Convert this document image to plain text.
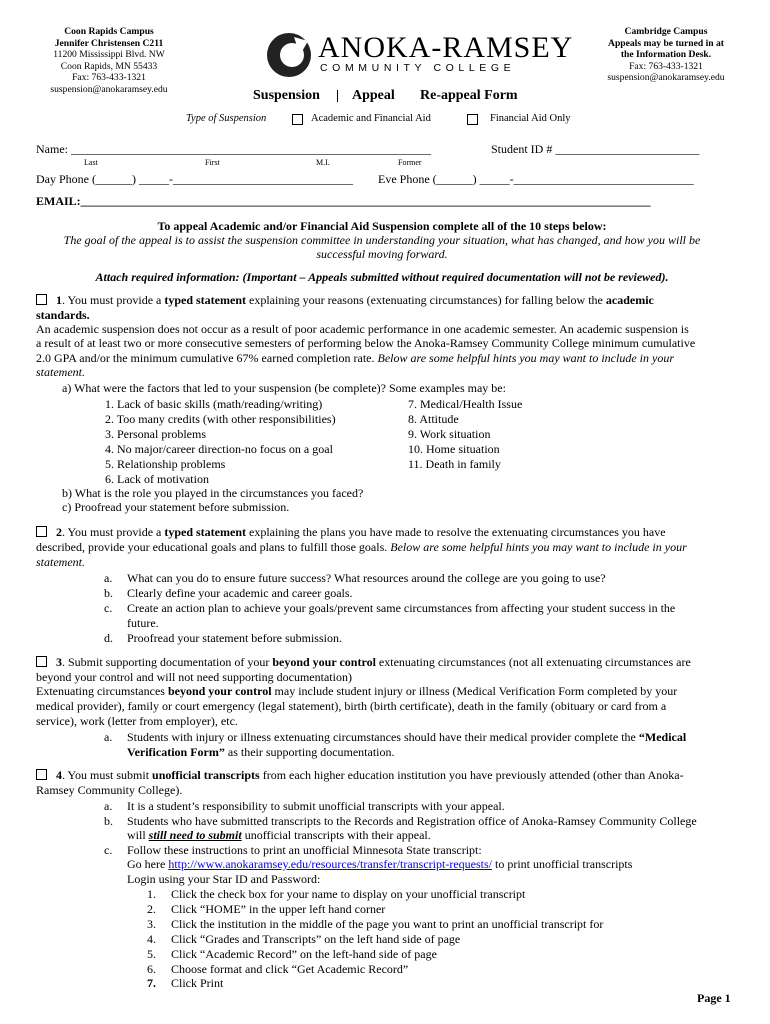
Coon Rapids Campus
Jennifer Christensen C211
11200 Mississippi Blvd. NW
Coon Rapids, MN 55433
Fax: 763-433-1321
suspension@anokaramsey.edu
ANOKA-RAMSEY
COMMUNITY COLLEGE
Cambridge Campus
Appeals may be turned in at
the Information Desk.
Fax: 763-433-1321
suspension@anokaramsey.edu
Suspension Appeal Re-appeal Form
Type of Suspension	Academic and Financial Aid	Financial Aid Only
Name: ____________________________________________________________	Student ID # ________________________
Last	First	M.I.	Former
Day Phone (______) _____-______________________________ Eve Phone (______) _____-______________________________
EMAIL:_______________________________________________________________________________________________
To appeal Academic and/or Financial Aid Suspension complete all of the 10 steps below:
The goal of the appeal is to assist the suspension committee in understanding your situation, what has changed, and how you will be
successful moving forward.
Attach required information: (Important – Appeals submitted without required documentation will not be reviewed).
1. You must provide a typed statement explaining your reasons (extenuating circumstances) for falling below the academic
standards.
An academic suspension does not occur as a result of poor academic performance in one academic semester. An academic suspension is
a result of at least two or more consecutive semesters of performing below the Anoka-Ramsey Community College minimum cumulative
2.0 GPA and/or the minimum cumulative 67% earned completion rate. Below are some helpful hints you may want to include in your
statement.
a) What were the factors that led to your suspension (be complete)? Some examples may be:
1. Lack of basic skills (math/reading/writing)
2. Too many credits (with other responsibilities)
3. Personal problems
4. No major/career direction-no focus on a goal
5. Relationship problems
6. Lack of motivation
7. Medical/Health Issue
8. Attitude
9. Work situation
10. Home situation
11. Death in family
b) What is the role you played in the circumstances you faced?
c) Proofread your statement before submission.
2. You must provide a typed statement explaining the plans you have made to resolve the extenuating circumstances you have
described, provide your educational goals and plans to fulfill those goals. Below are some helpful hints you may want to include in your
statement.
a. What can you do to ensure future success? What resources around the college are you going to use?
b. Clearly define your academic and career goals.
c. Create an action plan to achieve your goals/prevent same circumstances from affecting your student success in the
future.
d. Proofread your statement before submission.
3. Submit supporting documentation of your beyond your control extenuating circumstances (not all extenuating circumstances are
beyond your control and will not need supporting documentation)
Extenuating circumstances beyond your control may include student injury or illness (Medical Verification Form completed by your
medical provider), family or court emergency (legal statement), birth (birth certificate), death in the family (obituary or card from a
service), work (letter from employer), etc.
a. Students with injury or illness extenuating circumstances should have their medical provider complete the “Medical
Verification Form” as their supporting documentation.
4. You must submit unofficial transcripts from each higher education institution you have previously attended (other than Anoka-
Ramsey Community College).
a. It is a student’s responsibility to submit unofficial transcripts with your appeal.
b. Students who have submitted transcripts to the Records and Registration office of Anoka-Ramsey Community College
will still need to submit unofficial transcripts with their appeal.
c. Follow these instructions to print an unofficial Minnesota State transcript:
Go here http://www.anokaramsey.edu/resources/transfer/transcript-requests/ to print unofficial transcripts
Login using your Star ID and Password:
1. Click the check box for your name to display on your unofficial transcript
2. Click “HOME” in the upper left hand corner
3. Click the institution in the middle of the page you want to print an unofficial transcript for
4. Click “Grades and Transcripts” on the left hand side of page
5. Click “Academic Record” on the left-hand side of page
6. Choose format and click “Get Academic Record”
7. Click Print
Page 1
